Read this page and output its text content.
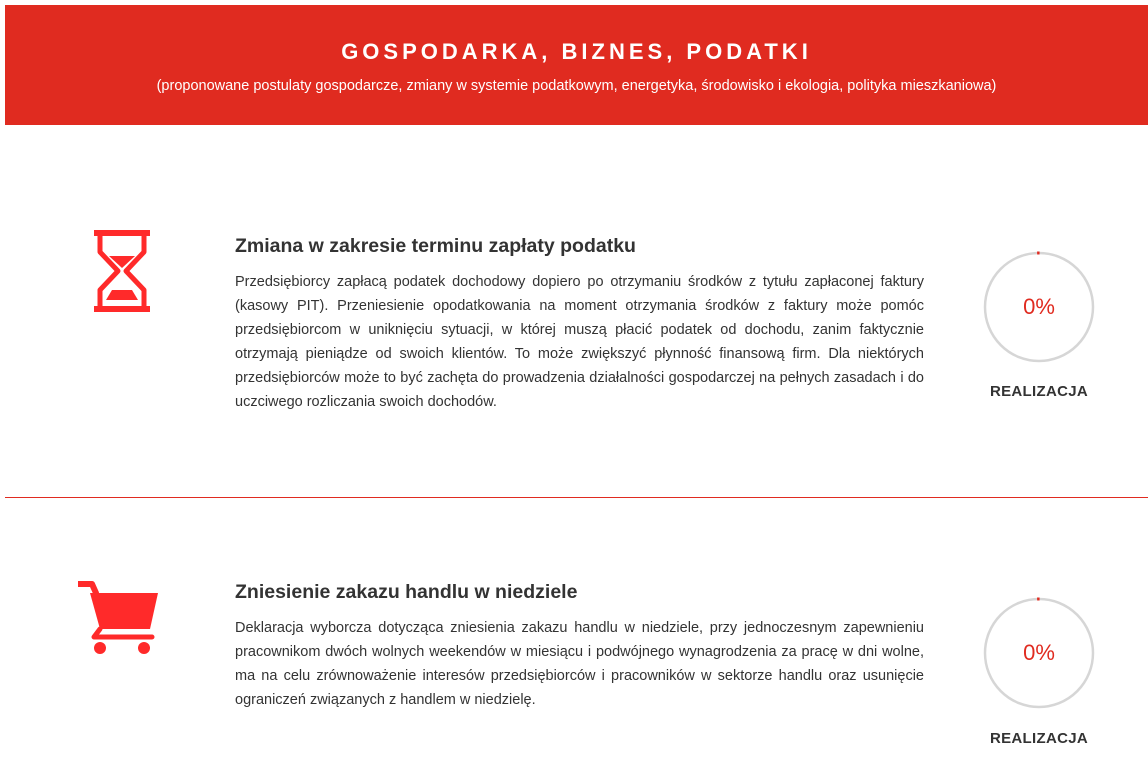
GOSPODARKA, BIZNES, PODATKI
(proponowane postulaty gospodarcze, zmiany w systemie podatkowym, energetyka, środowisko i ekologia, polityka mieszkaniowa)
Zmiana w zakresie terminu zapłaty podatku
Przedsiębiorcy zapłacą podatek dochodowy dopiero po otrzymaniu środków z tytułu zapłaconej faktury (kasowy PIT). Przeniesienie opodatkowania na moment otrzymania środków z faktury może pomóc przedsiębiorcom w uniknięciu sytuacji, w której muszą płacić podatek od dochodu, zanim faktycznie otrzymają pieniądze od swoich klientów. To może zwiększyć płynność finansową firm. Dla niektórych przedsiębiorców może to być zachęta do prowadzenia działalności gospodarczej na pełnych zasadach i do uczciwego rozliczania swoich dochodów.
0%
REALIZACJA
Zniesienie zakazu handlu w niedziele
Deklaracja wyborcza dotycząca zniesienia zakazu handlu w niedziele, przy jednoczesnym zapewnieniu pracownikom dwóch wolnych weekendów w miesiącu i podwójnego wynagrodzenia za pracę w dni wolne, ma na celu zrównoważenie interesów przedsiębiorców i pracowników w sektorze handlu oraz usunięcie ograniczeń związanych z handlem w niedzielę.
0%
REALIZACJA
